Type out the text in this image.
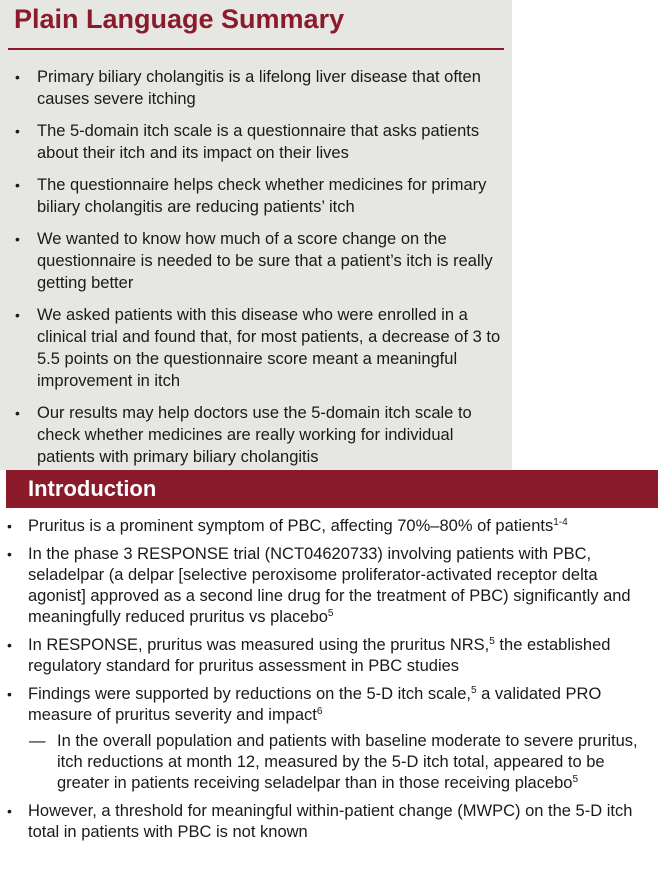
Plain Language Summary
• Primary biliary cholangitis is a lifelong liver disease that often causes severe itching
• The 5-domain itch scale is a questionnaire that asks patients about their itch and its impact on their lives
• The questionnaire helps check whether medicines for primary biliary cholangitis are reducing patients’ itch
• We wanted to know how much of a score change on the questionnaire is needed to be sure that a patient’s itch is really getting better
• We asked patients with this disease who were enrolled in a clinical trial and found that, for most patients, a decrease of 3 to 5.5 points on the questionnaire score meant a meaningful improvement in itch
• Our results may help doctors use the 5-domain itch scale to check whether medicines are really working for individual patients with primary biliary cholangitis
Introduction
• Pruritus is a prominent symptom of PBC, affecting 70%–80% of patients$^{1-4}$
• In the phase 3 RESPONSE trial (NCT04620733) involving patients with PBC, seladelpar (a delpar [selective peroxisome proliferator-activated receptor delta agonist] approved as a second line drug for the treatment of PBC) significantly and meaningfully reduced pruritus vs placebo$^5$
• In RESPONSE, pruritus was measured using the pruritus NRS,$^5$ the established regulatory standard for pruritus assessment in PBC studies
• Findings were supported by reductions on the 5-D itch scale,$^5$ a validated PRO measure of pruritus severity and impact$^6$
— In the overall population and patients with baseline moderate to severe pruritus, itch reductions at month 12, measured by the 5-D itch total, appeared to be greater in patients receiving seladelpar than in those receiving placebo$^5$
• However, a threshold for meaningful within-patient change (MWPC) on the 5-D itch total in patients with PBC is not known
